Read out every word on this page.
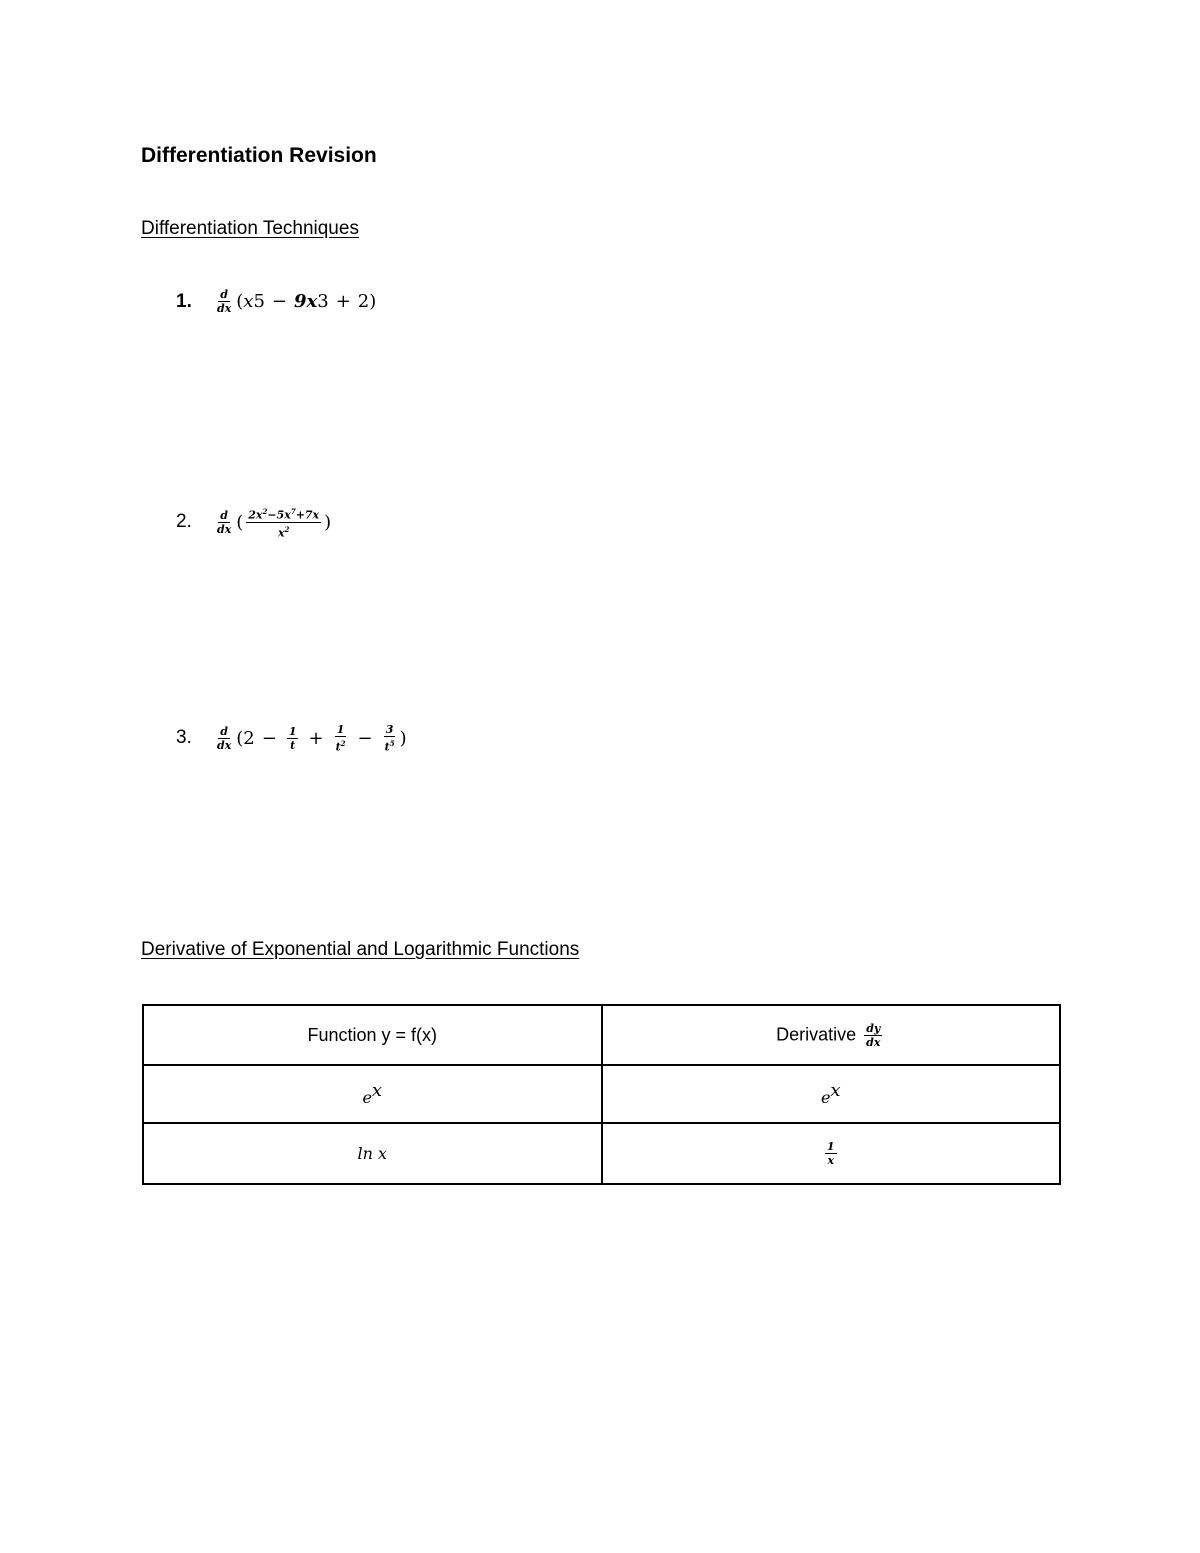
Differentiation Revision
Differentiation Techniques
1.	$\frac{d}{dx}$ ( x 5 − 9x 3 + 2 )
2.	$\frac{d}{dx}$ ( $\frac{2x^2-5x^7+7x}{x^2}$ )
3.	$\frac{d}{dx} (2 - \frac{1}{t} + \frac{1}{t^2} - \frac{3}{t^5}$ )
Derivative of Exponential and Logarithmic Functions
Function y = f(x)	Derivative $\frac{dy}{dx}$

$e^x$	$e^x$
ln x	$\frac{1}{x}$
